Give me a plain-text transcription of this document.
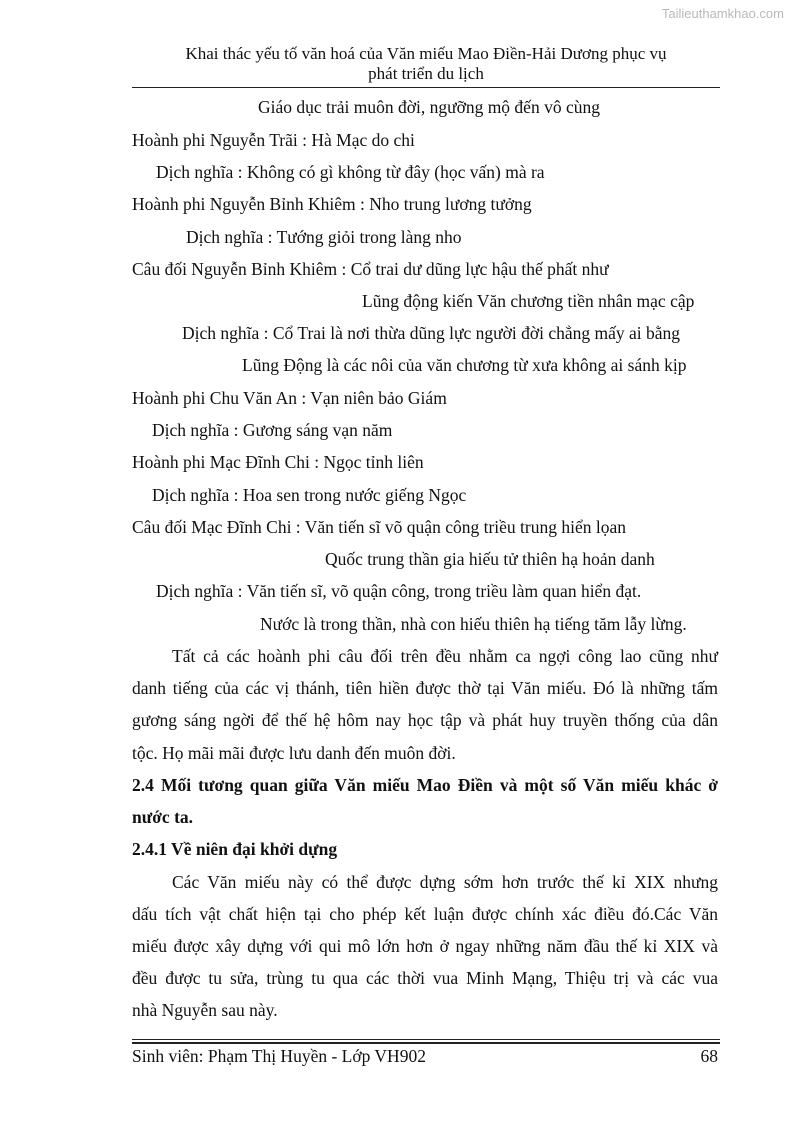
Tailieuthamkhao.com
Khai thác yếu tố văn hoá của Văn miếu Mao Điền-Hải Dương phục vụ
phát triển du lịch
Giáo dục trải muôn đời, ngưỡng mộ đến vô cùng
Hoành phi Nguyễn Trãi : Hà Mạc do chi
Dịch nghĩa : Không có gì không từ đây (học vấn) mà ra
Hoành phi Nguyễn Bỉnh Khiêm : Nho trung lương tưởng
Dịch nghĩa : Tướng giỏi trong làng nho
Câu đối Nguyễn Bỉnh Khiêm : Cổ trai dư dũng lực hậu thế phất như
Lũng động kiến Văn chương tiền nhân mạc cập
Dịch nghĩa : Cổ Trai là nơi thừa dũng lực người đời chẳng mấy ai bằng
Lũng Động là các nôi của văn chương từ xưa không ai sánh kịp
Hoành phi Chu Văn An : Vạn niên bảo Giám
Dịch nghĩa : Gương sáng vạn năm
Hoành phi Mạc Đĩnh Chi : Ngọc tỉnh liên
Dịch nghĩa : Hoa sen trong nước giếng Ngọc
Câu đối Mạc Đĩnh Chi : Văn tiến sĩ võ quận công triều trung hiển lọan
Quốc trung thần gia hiếu tử thiên hạ hoản danh
Dịch nghĩa : Văn tiến sĩ, võ quận công, trong triều làm quan hiển đạt.
Nước là trong thần, nhà con hiếu thiên hạ tiếng tăm lẫy lừng.
Tất cả các hoành phi câu đối trên đều nhằm ca ngợi công lao cũng như
danh tiếng của các vị thánh, tiên hiền được thờ tại Văn miếu. Đó là những tấm
gương sáng ngời để thế hệ hôm nay học tập và phát huy truyền thống của dân
tộc. Họ mãi mãi được lưu danh đến muôn đời.
2.4 Mối tương quan giữa Văn miếu Mao Điền và một số Văn miếu khác ở
nước ta.
2.4.1 Về niên đại khởi dựng
Các Văn miếu này có thể được dựng sớm hơn trước thế kỉ XIX nhưng
dấu tích vật chất hiện tại cho phép kết luận được chính xác điều đó.Các Văn
miếu được xây dựng với qui mô lớn hơn ở ngay những năm đầu thế kỉ XIX và
đều được tu sửa, trùng tu qua các thời vua Minh Mạng, Thiệu trị và các vua
nhà Nguyễn sau này.
Sinh viên: Phạm Thị Huyền - Lớp VH902	68
